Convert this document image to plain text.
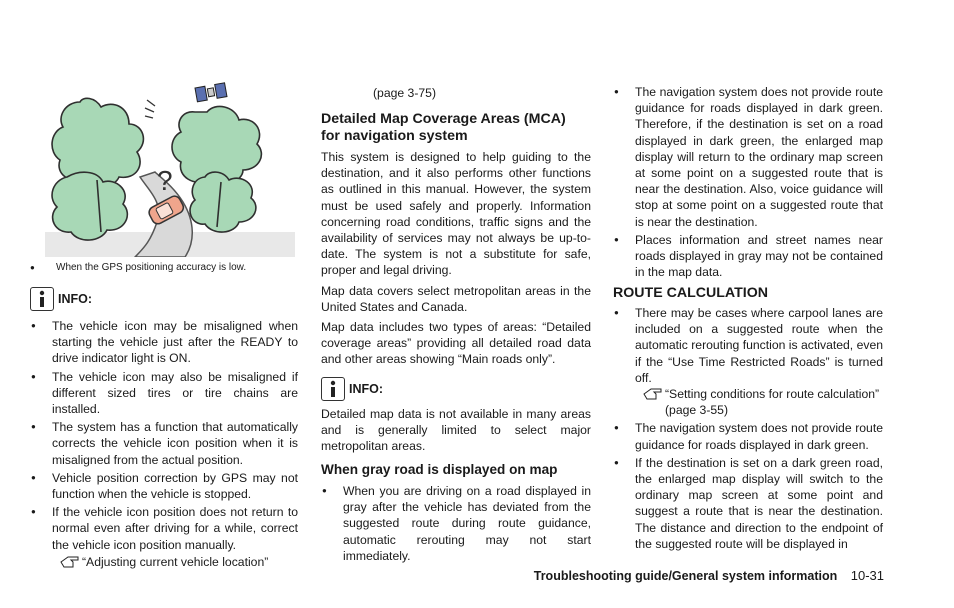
?
● When the GPS positioning accuracy is low.
INFO:
● The vehicle icon may be misaligned when starting the vehicle just after the READY to drive indicator light is ON.
● The vehicle icon may also be misaligned if different sized tires or tire chains are installed.
● The system has a function that automatically corrects the vehicle icon position when it is misaligned from the actual position.
● Vehicle position correction by GPS may not function when the vehicle is stopped.
● If the vehicle icon position does not return to normal even after driving for a while, correct the vehicle icon position manually.
“Adjusting current vehicle location”
(page 3-75)
Detailed Map Coverage Areas (MCA) for navigation system

This system is designed to help guiding to the destination, and it also performs other functions as outlined in this manual. However, the system must be used safely and properly. Information concerning road conditions, traffic signs and the availability of services may not always be up-to-date. The system is not a substitute for safe, proper and legal driving.

Map data covers select metropolitan areas in the United States and Canada.

Map data includes two types of areas: “Detailed coverage areas” providing all detailed road data and other areas showing “Main roads only”.

INFO:

Detailed map data is not available in many areas and is generally limited to select major metropolitan areas.

When gray road is displayed on map
● When you are driving on a road displayed in gray after the vehicle has deviated from the suggested route during route guidance, automatic rerouting may not start immediately.
● The navigation system does not provide route guidance for roads displayed in dark green. Therefore, if the destination is set on a road displayed in dark green, the enlarged map display will return to the ordinary map screen at some point on a suggested route that is near the destination. Also, voice guidance will stop at some point on a suggested route that is near the destination.
● Places information and street names near roads displayed in gray may not be contained in the map data.
ROUTE CALCULATION
● There may be cases where carpool lanes are included on a suggested route when the automatic rerouting function is activated, even if the “Use Time Restricted Roads” is turned off.
“Setting conditions for route calculation” (page 3-55)
● The navigation system does not provide route guidance for roads displayed in dark green.
● If the destination is set on a dark green road, the enlarged map display will switch to the ordinary map screen at some point and suggest a route that is near the destination. The distance and direction to the endpoint of the suggested route will be displayed in
Troubleshooting guide/General system information 10-31
